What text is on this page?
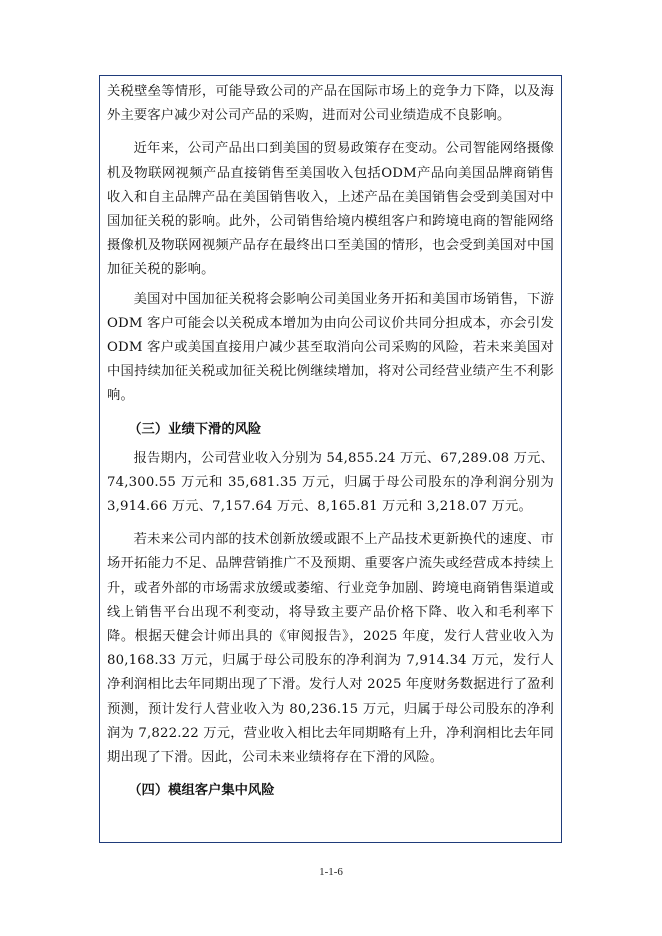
关税壁垒等情形，可能导致公司的产品在国际市场上的竞争力下降，以及海外主要客户减少对公司产品的采购，进而对公司业绩造成不良影响。

近年来，公司产品出口到美国的贸易政策存在变动。公司智能网络摄像机及物联网视频产品直接销售至美国收入包括ODM产品向美国品牌商销售收入和自主品牌产品在美国销售收入，上述产品在美国销售会受到美国对中国加征关税的影响。此外，公司销售给境内模组客户和跨境电商的智能网络摄像机及物联网视频产品存在最终出口至美国的情形，也会受到美国对中国加征关税的影响。

美国对中国加征关税将会影响公司美国业务开拓和美国市场销售，下游ODM 客户可能会以关税成本增加为由向公司议价共同分担成本，亦会引发ODM 客户或美国直接用户减少甚至取消向公司采购的风险，若未来美国对中国持续加征关税或加征关税比例继续增加，将对公司经营业绩产生不利影响。

（三）业绩下滑的风险

报告期内，公司营业收入分别为 54,855.24 万元、67,289.08 万元、74,300.55 万元和 35,681.35 万元，归属于母公司股东的净利润分别为 3,914.66 万元、7,157.64 万元、8,165.81 万元和 3,218.07 万元。

若未来公司内部的技术创新放缓或跟不上产品技术更新换代的速度、市场开拓能力不足、品牌营销推广不及预期、重要客户流失或经营成本持续上升，或者外部的市场需求放缓或萎缩、行业竞争加剧、跨境电商销售渠道或线上销售平台出现不利变动，将导致主要产品价格下降、收入和毛利率下降。根据天健会计师出具的《审阅报告》，2025 年度，发行人营业收入为 80,168.33 万元，归属于母公司股东的净利润为 7,914.34 万元，发行人净利润相比去年同期出现了下滑。发行人对 2025 年度财务数据进行了盈利预测，预计发行人营业收入为 80,236.15 万元，归属于母公司股东的净利润为 7,822.22 万元，营业收入相比去年同期略有上升，净利润相比去年同期出现了下滑。因此，公司未来业绩将存在下滑的风险。

（四）模组客户集中风险
1-1-6
